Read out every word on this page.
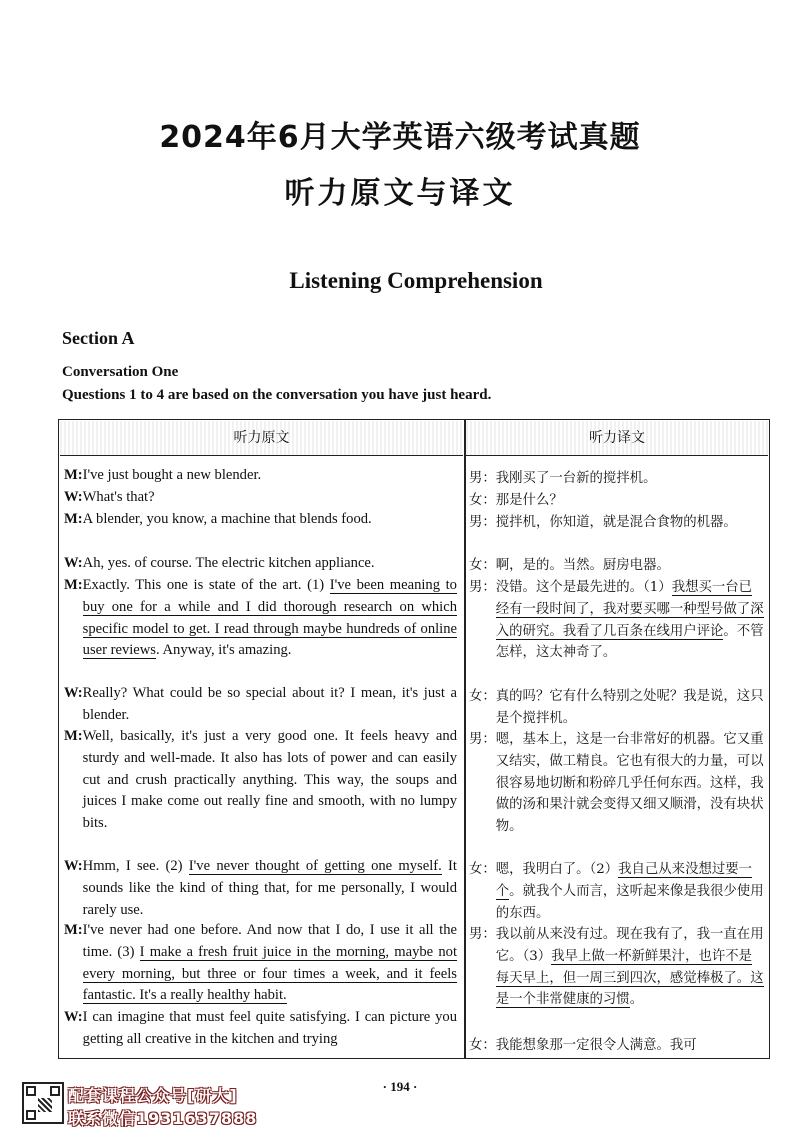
2024年6月大学英语六级考试真题
听力原文与译文
Listening Comprehension
Section A
Conversation One
Questions 1 to 4 are based on the conversation you have just heard.
听力原文	听力译文
M: I've just bought a new blender.
W: What's that?
M: A blender, you know, a machine that blends food.
W: Ah, yes. of course. The electric kitchen appliance.
M: Exactly. This one is state of the art. (1) I've been meaning to buy one for a while and I did thorough research on which specific model to get. I read through maybe hundreds of online user reviews. Anyway, it's amazing.
W: Really? What could be so special about it? I mean, it's just a blender.
M: Well, basically, it's just a very good one. It feels heavy and sturdy and well-made. It also has lots of power and can easily cut and crush practically anything. This way, the soups and juices I make come out really fine and smooth, with no lumpy bits.
W: Hmm, I see. (2) I've never thought of getting one myself. It sounds like the kind of thing that, for me personally, I would rarely use.
M: I've never had one before. And now that I do, I use it all the time. (3) I make a fresh fruit juice in the morning, maybe not every morning, but three or four times a week, and it feels fantastic. It's a really healthy habit.
W: I can imagine that must feel quite satisfying. I can picture you getting all creative in the kitchen and trying
男： 我刚买了一台新的搅拌机。
女： 那是什么？
男： 搅拌机，你知道，就是混合食物的机器。
女： 啊，是的。当然。厨房电器。
男： 没错。这个是最先进的。（1）我想买一台已经有一段时间了，我对要买哪一种型号做了深入的研究。我看了几百条在线用户评论。不管怎样，这太神奇了。
女： 真的吗？它有什么特别之处呢？我是说，这只是个搅拌机。
男： 嗯，基本上，这是一台非常好的机器。它又重又结实，做工精良。它也有很大的力量，可以很容易地切断和粉碎几乎任何东西。这样，我做的汤和果汁就会变得又细又顺滑，没有块状物。
女： 嗯，我明白了。（2）我自己从来没想过要一个。就我个人而言，这听起来像是我很少使用的东西。
男： 我以前从来没有过。现在我有了，我一直在用它。（3）我早上做一杯新鲜果汁，也许不是每天早上，但一周三到四次，感觉棒极了。这是一个非常健康的习惯。
女： 我能想象那一定很令人满意。我可
· 194 ·
配套课程公众号[研大]
联系微信1931637888
